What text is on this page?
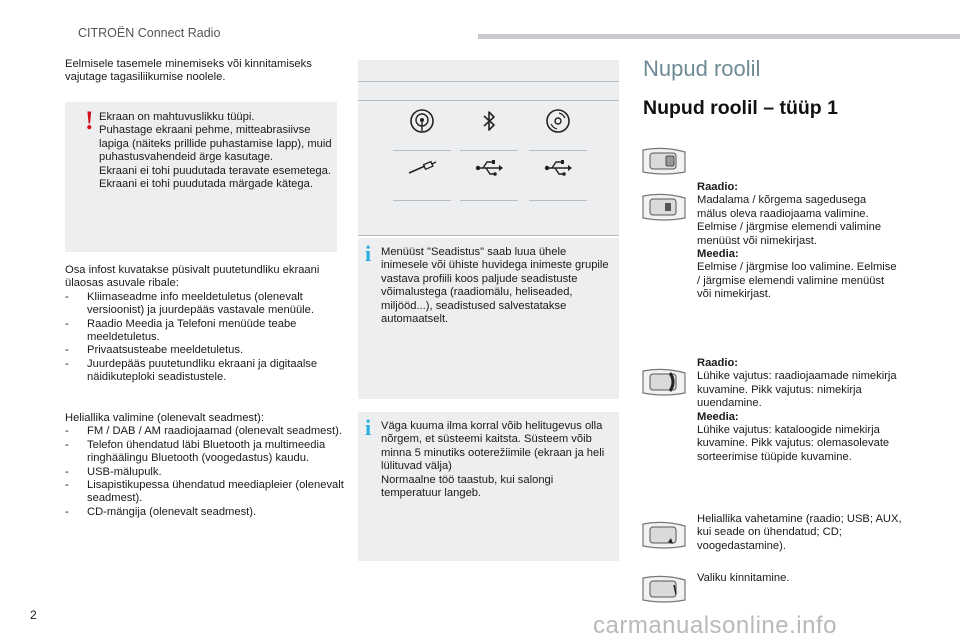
CITROËN Connect Radio
Eelmisele tasemele minemiseks või kinnitamiseks vajutage tagasiliikumise noolele.
! Ekraan on mahtuvuslikku tüüpi.
Puhastage ekraani pehme, mitteabrasiivse lapiga (näiteks prillide puhastamise lapp), muid puhastusvahendeid ärge kasutage.
Ekraani ei tohi puudutada teravate esemetega.
Ekraani ei tohi puudutada märgade kätega.
Osa infost kuvatakse püsivalt puutetundliku ekraani ülaosas asuvale ribale:
- Kliimaseadme info meeldetuletus (olenevalt versioonist) ja juurdepääs vastavale menüüle.
- Raadio Meedia ja Telefoni menüüde teabe meeldetuletus.
- Privaatsusteabe meeldetuletus.
- Juurdepääs puutetundliku ekraani ja digitaalse näidikuteploki seadistustele.
Heliallika valimine (olenevalt seadmest):
- FM / DAB / AM raadiojaamad (olenevalt seadmest).
- Telefon ühendatud läbi Bluetooth ja multimeedia ringhäälingu Bluetooth (voogedastus) kaudu.
- USB-mälupulk.
- Lisapistikupessa ühendatud meediapleier (olenevalt seadmest).
- CD-mängija (olenevalt seadmest).
i Menüüst "Seadistus" saab luua ühele inimesele või ühiste huvidega inimeste grupile vastava profiili koos paljude seadistuste võimalustega (raadiomälu, heliseaded, miljööd...), seadistused salvestatakse automaatselt.
i Väga kuuma ilma korral võib helitugevus olla nõrgem, et süsteemi kaitsta. Süsteem võib minna 5 minutiks ooterežiimile (ekraan ja heli lülituvad välja)
Normaalne töö taastub, kui salongi temperatuur langeb.
Nupud roolil
Nupud roolil – tüüp 1
Raadio:
Madalama / kõrgema sagedusega mälus oleva raadiojaama valimine. Eelmise / järgmise elemendi valimine menüüst või nimekirjast.
Meedia:
Eelmise / järgmise loo valimine. Eelmise / järgmise elemendi valimine menüüst või nimekirjast.
Raadio:
Lühike vajutus: raadiojaamade nimekirja kuvamine. Pikk vajutus: nimekirja uuendamine.
Meedia:
Lühike vajutus: kataloogide nimekirja kuvamine. Pikk vajutus: olemasolevate sorteerimise tüüpide kuvamine.
Heliallika vahetamine (raadio; USB; AUX, kui seade on ühendatud; CD; voogedastamine).
Valiku kinnitamine.
2	carmanualsonline.info
